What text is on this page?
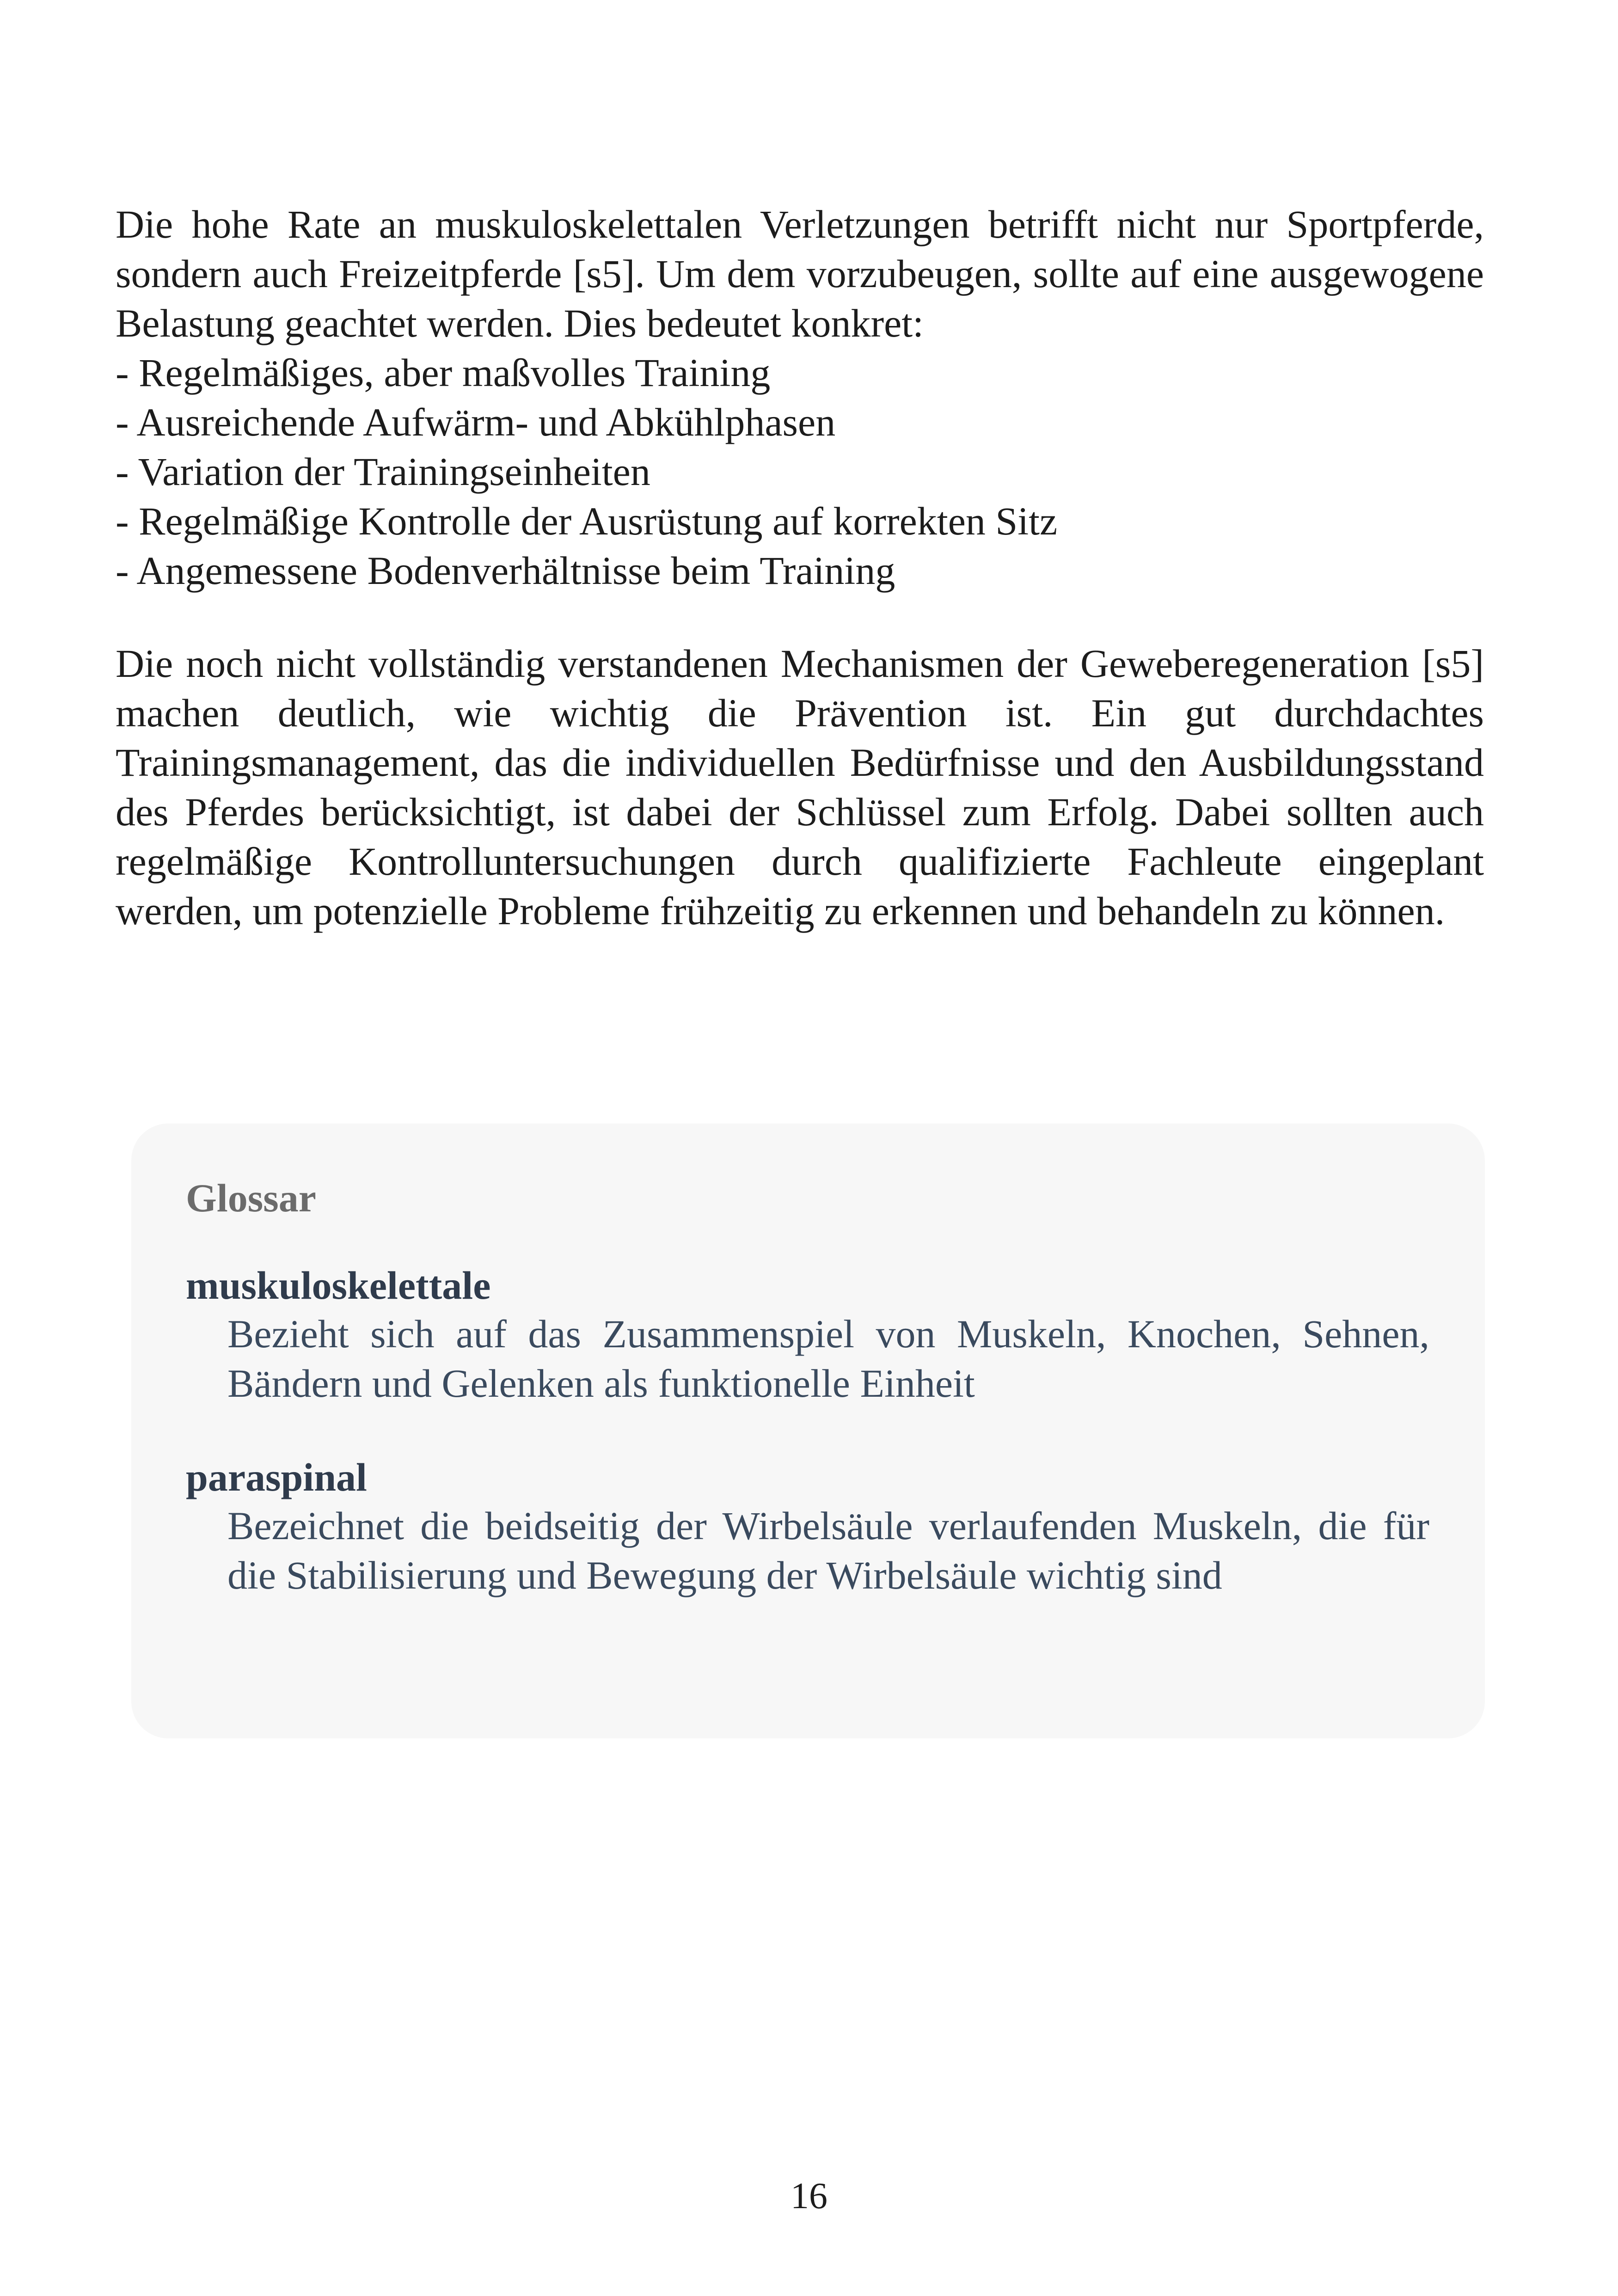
Die hohe Rate an muskuloskelettalen Verletzungen betrifft nicht nur Sportpferde, sondern auch Freizeitpferde [s5]. Um dem vorzubeugen, sollte auf eine ausgewogene Belastung geachtet werden. Dies bedeutet konkret:

- Regelmäßiges, aber maßvolles Training
- Ausreichende Aufwärm- und Abkühlphasen
- Variation der Trainingseinheiten
- Regelmäßige Kontrolle der Ausrüstung auf korrekten Sitz
- Angemessene Bodenverhältnisse beim Training

Die noch nicht vollständig verstandenen Mechanismen der Geweberegeneration [s5] machen deutlich, wie wichtig die Prävention ist. Ein gut durchdachtes Trainingsmanagement, das die individuellen Bedürfnisse und den Ausbildungsstand des Pferdes berücksichtigt, ist dabei der Schlüssel zum Erfolg. Dabei sollten auch regelmäßige Kontrolluntersuchungen durch qualifizierte Fachleute eingeplant werden, um potenzielle Probleme frühzeitig zu erkennen und behandeln zu können.

Glossar
muskuloskelettale
Bezieht sich auf das Zusammenspiel von Muskeln, Knochen, Sehnen, Bändern und Gelenken als funktionelle Einheit
paraspinal
Bezeichnet die beidseitig der Wirbelsäule verlaufenden Muskeln, die für die Stabilisierung und Bewegung der Wirbelsäule wichtig sind
16
